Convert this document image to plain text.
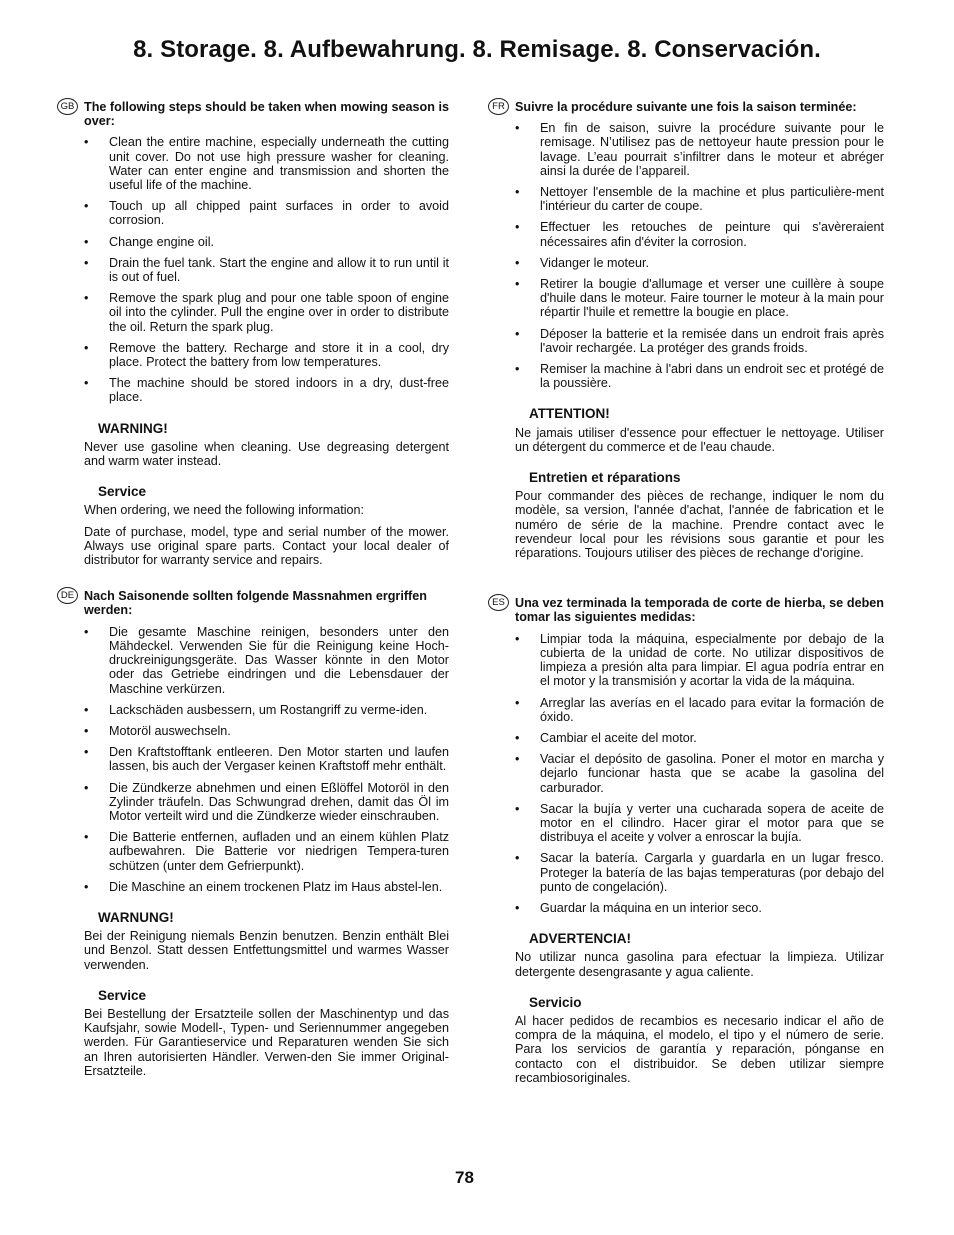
8. Storage. 8. Aufbewahrung. 8. Remisage. 8. Conservación.
GB The following steps should be taken when mowing season is over:

• Clean the entire machine, especially underneath the cutting unit cover. Do not use high pressure washer for cleaning. Water can enter engine and transmission and shorten the useful life of the machine.
• Touch up all chipped paint surfaces in order to avoid corrosion.
• Change engine oil.
• Drain the fuel tank. Start the engine and allow it to run until it is out of fuel.
• Remove the spark plug and pour one table spoon of engine oil into the cylinder. Pull the engine over in order to distribute the oil. Return the spark plug.
• Remove the battery. Recharge and store it in a cool, dry place. Protect the battery from low temperatures.
• The machine should be stored indoors in a dry, dust-free place.
WARNING!

Never use gasoline when cleaning. Use degreasing detergent and warm water instead.

Service

When ordering, we need the following information:

Date of purchase, model, type and serial number of the mower. Always use original spare parts. Contact your local dealer of distributor for warranty service and repairs.

DE Nach Saisonende sollten folgende Massnahmen ergriffen werden:

• Die gesamte Maschine reinigen, besonders unter den Mähdeckel. Verwenden Sie für die Reinigung keine Hoch-druckreinigungsgeräte. Das Wasser könnte in den Motor oder das Getriebe eindringen und die Lebensdauer der Maschine verkürzen.
• Lackschäden ausbessern, um Rostangriff zu verme-iden.
• Motoröl auswechseln.
• Den Kraftstofftank entleeren. Den Motor starten und laufen lassen, bis auch der Vergaser keinen Kraftstoff mehr enthält.
• Die Zündkerze abnehmen und einen Eßlöffel Motoröl in den Zylinder träufeln. Das Schwungrad drehen, damit das Öl im Motor verteilt wird und die Zündkerze wieder einschrauben.
• Die Batterie entfernen, aufladen und an einem kühlen Platz aufbewahren. Die Batterie vor niedrigen Tempera-turen schützen (unter dem Gefrierpunkt).
• Die Maschine an einem trockenen Platz im Haus abstel-len.
WARNUNG!

Bei der Reinigung niemals Benzin benutzen. Benzin enthält Blei und Benzol. Statt dessen Entfettungsmittel und warmes Wasser verwenden.

Service

Bei Bestellung der Ersatzteile sollen der Maschinentyp und das Kaufsjahr, sowie Modell-, Typen- und Seriennummer angegeben werden. Für Garantieservice und Reparaturen wenden Sie sich an Ihren autorisierten Händler. Verwen-den Sie immer Original-Ersatzteile.

FR Suivre la procédure suivante une fois la saison terminée:

• En fin de saison, suivre la procédure suivante pour le remisage. N’utilisez pas de nettoyeur haute pression pour le lavage. L’eau pourrait s’infiltrer dans le moteur et abréger ainsi la durée de l’appareil.
• Nettoyer l'ensemble de la machine et plus particulière-ment l'intérieur du carter de coupe.
• Effectuer les retouches de peinture qui s'avèreraient nécessaires afin d'éviter la corrosion.
• Vidanger le moteur.
• Retirer la bougie d'allumage et verser une cuillère à soupe d'huile dans le moteur. Faire tourner le moteur à la main pour répartir l'huile et remettre la bougie en place.
• Déposer la batterie et la remisée dans un endroit frais après l'avoir rechargée. La protéger des grands froids.
• Remiser la machine à l'abri dans un endroit sec et protégé de la poussière.
ATTENTION!

Ne jamais utiliser d'essence pour effectuer le nettoyage. Utiliser un détergent du commerce et de l'eau chaude.

Entretien et réparations

Pour commander des pièces de rechange, indiquer le nom du modèle, sa version, l'année d'achat, l'année de fabrication et le numéro de série de la machine. Prendre contact avec le revendeur local pour les révisions sous garantie et pour les réparations. Toujours utiliser des pièces de rechange d'origine.

ES Una vez terminada la temporada de corte de hierba, se deben tomar las siguientes medidas:

• Limpiar toda la máquina, especialmente por debajo de la cubierta de la unidad de corte. No utilizar dispositivos de limpieza a presión alta para limpiar. El agua podría entrar en el motor y la transmisión y acortar la vida de la máquina.
• Arreglar las averías en el lacado para evitar la formación de óxido.
• Cambiar el aceite del motor.
• Vaciar el depósito de gasolina. Poner el motor en marcha y dejarlo funcionar hasta que se acabe la gasolina del carburador.
• Sacar la bujía y verter una cucharada sopera de aceite de motor en el cilindro. Hacer girar el motor para que se distribuya el aceite y volver a enroscar la bujía.
• Sacar la batería. Cargarla y guardarla en un lugar fresco. Proteger la batería de las bajas temperaturas (por debajo del punto de congelación).
• Guardar la máquina en un interior seco.
ADVERTENCIA!

No utilizar nunca gasolina para efectuar la limpieza. Utilizar detergente desengrasante y agua caliente.

Servicio

Al hacer pedidos de recambios es necesario indicar el año de compra de la máquina, el modelo, el tipo y el número de serie. Para los servicios de garantía y reparación, pónganse en contacto con el distribuidor. Se deben utilizar siempre recambiosoriginales.

78
